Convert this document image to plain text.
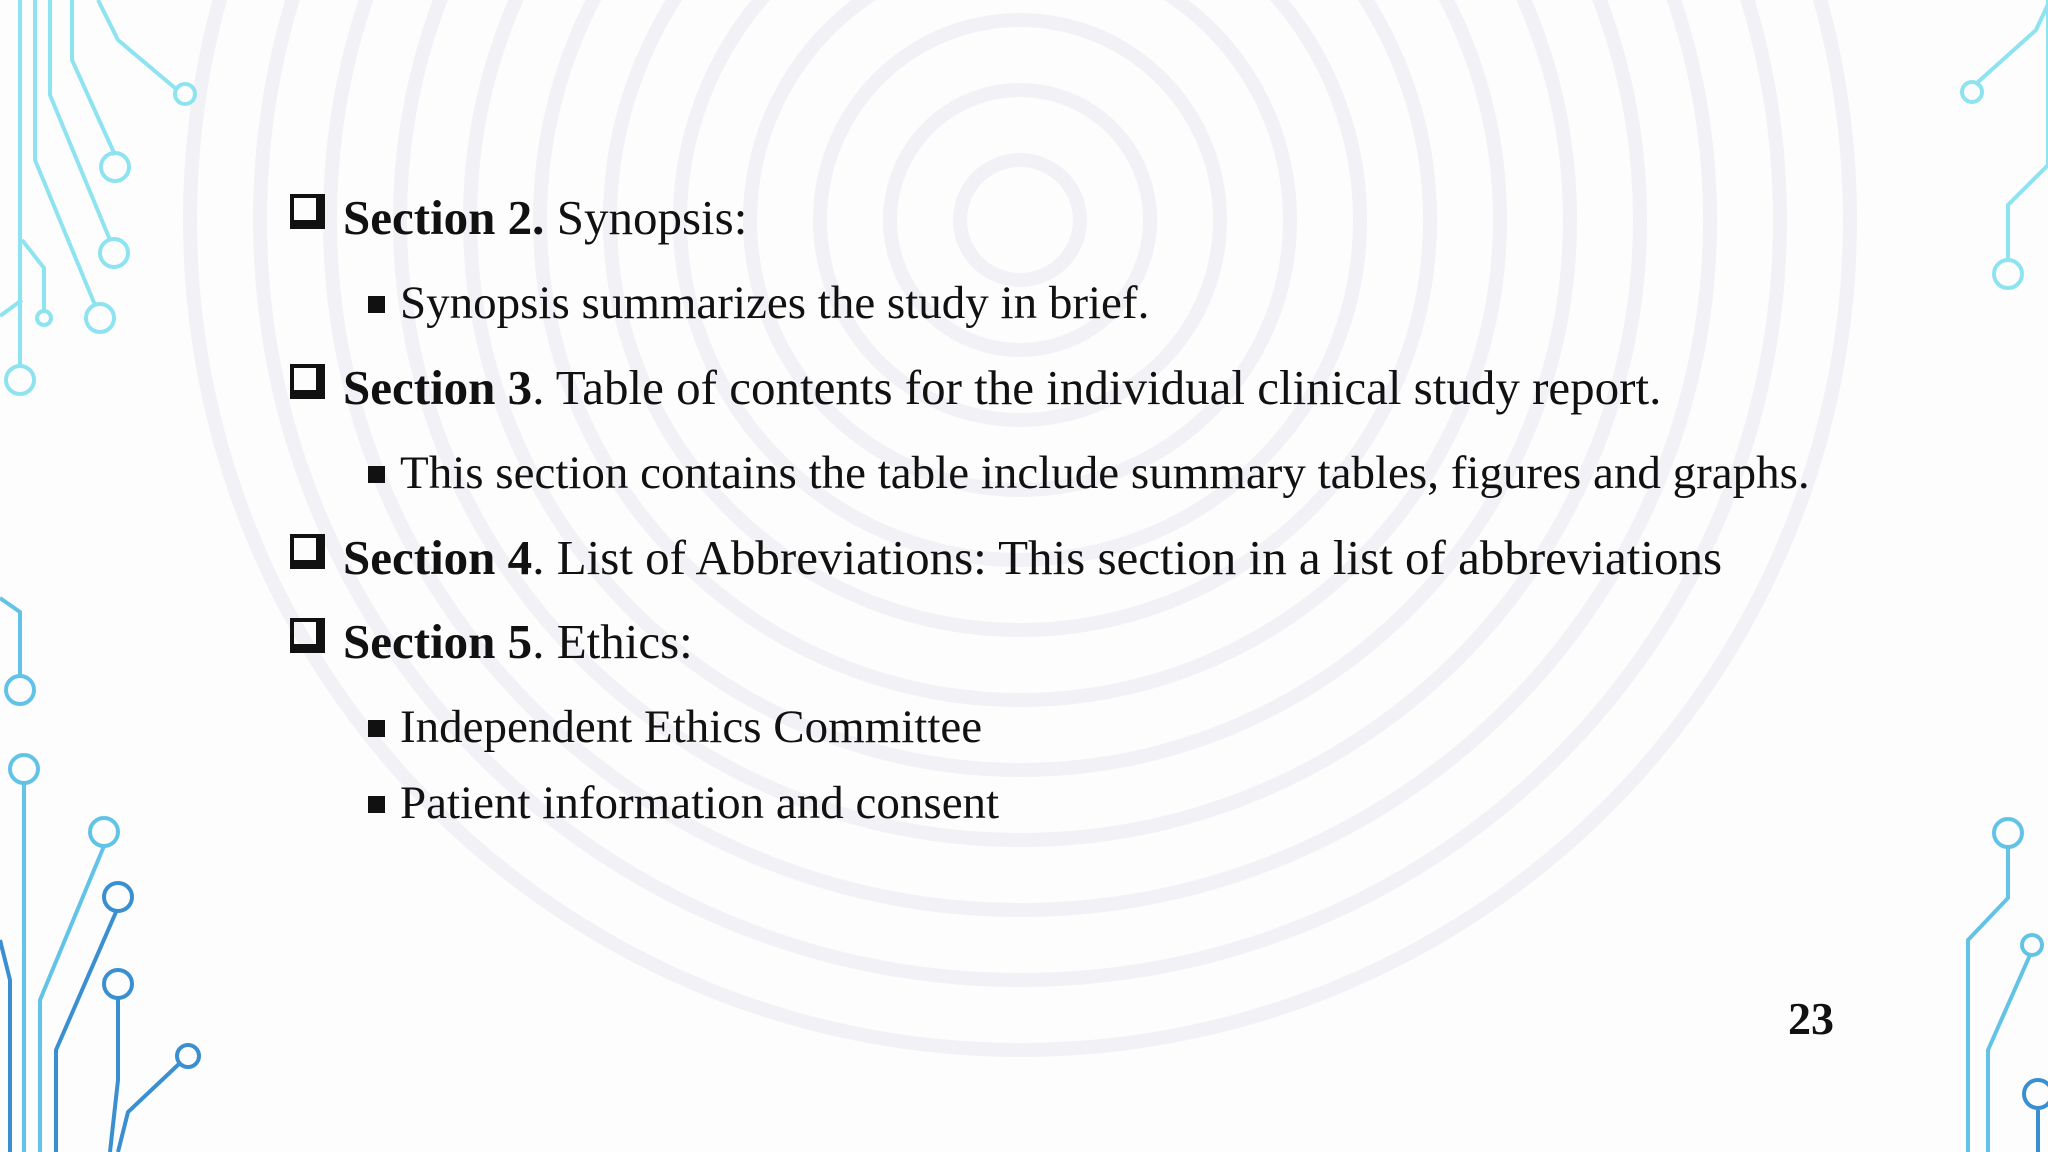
Section 2. Synopsis:
Synopsis summarizes the study in brief.
Section 3. Table of contents for the individual clinical study report.
This section contains the table include summary tables, figures and graphs.
Section 4. List of Abbreviations: This section in a list of abbreviations
Section 5. Ethics:
Independent Ethics Committee
Patient information and consent
23
